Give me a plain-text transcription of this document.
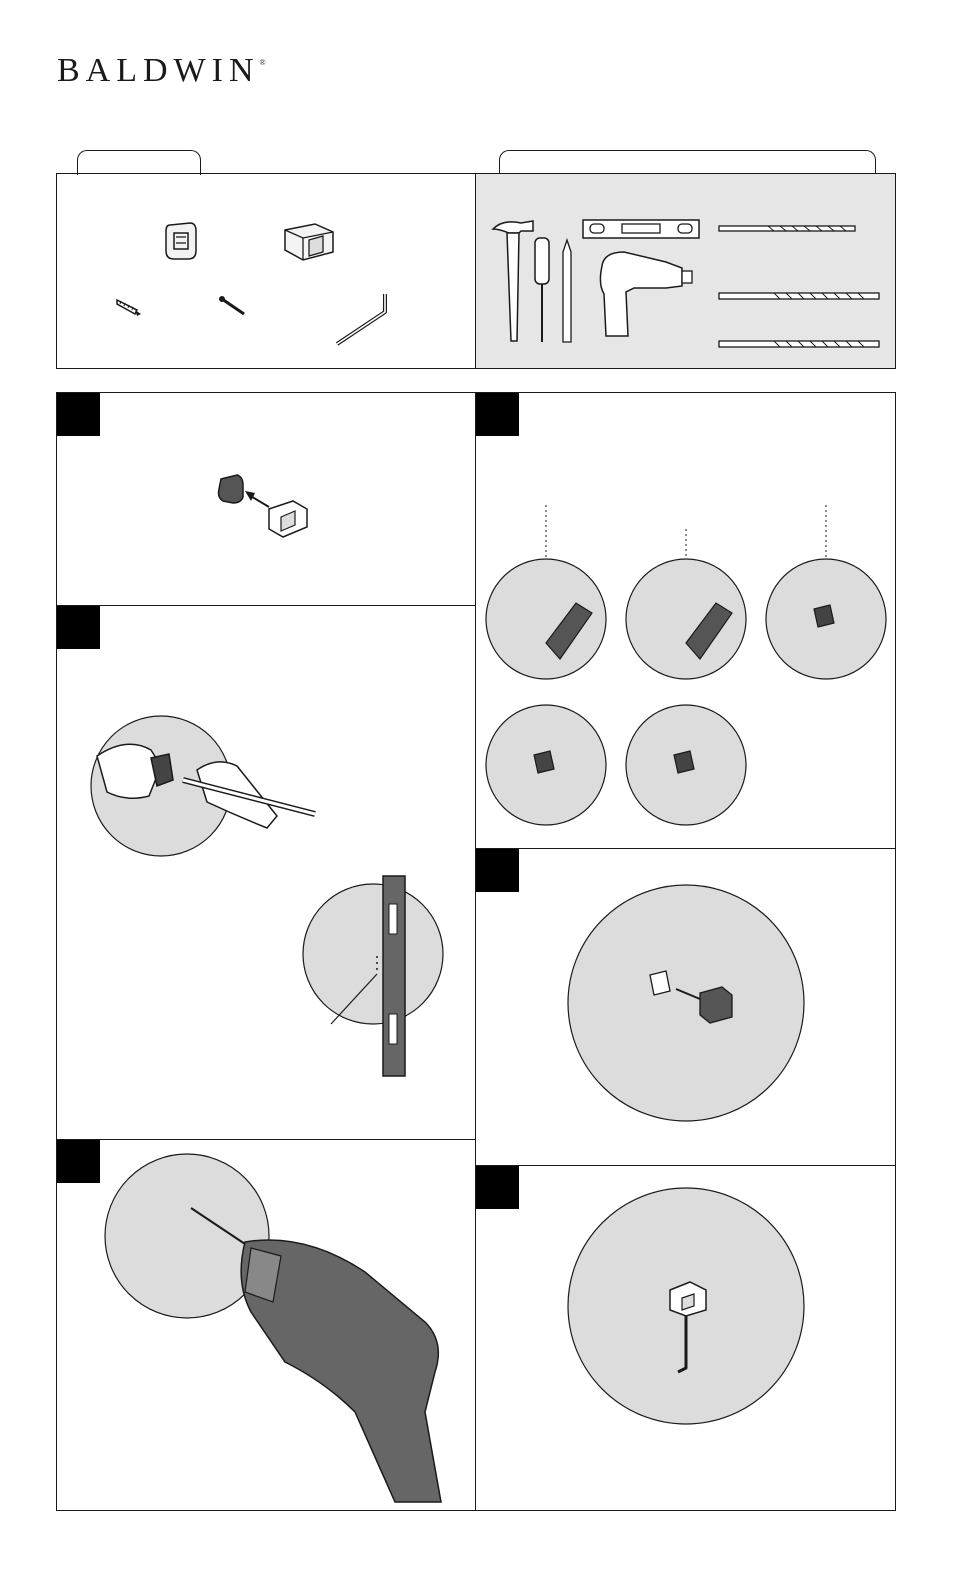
BALDWIN®
